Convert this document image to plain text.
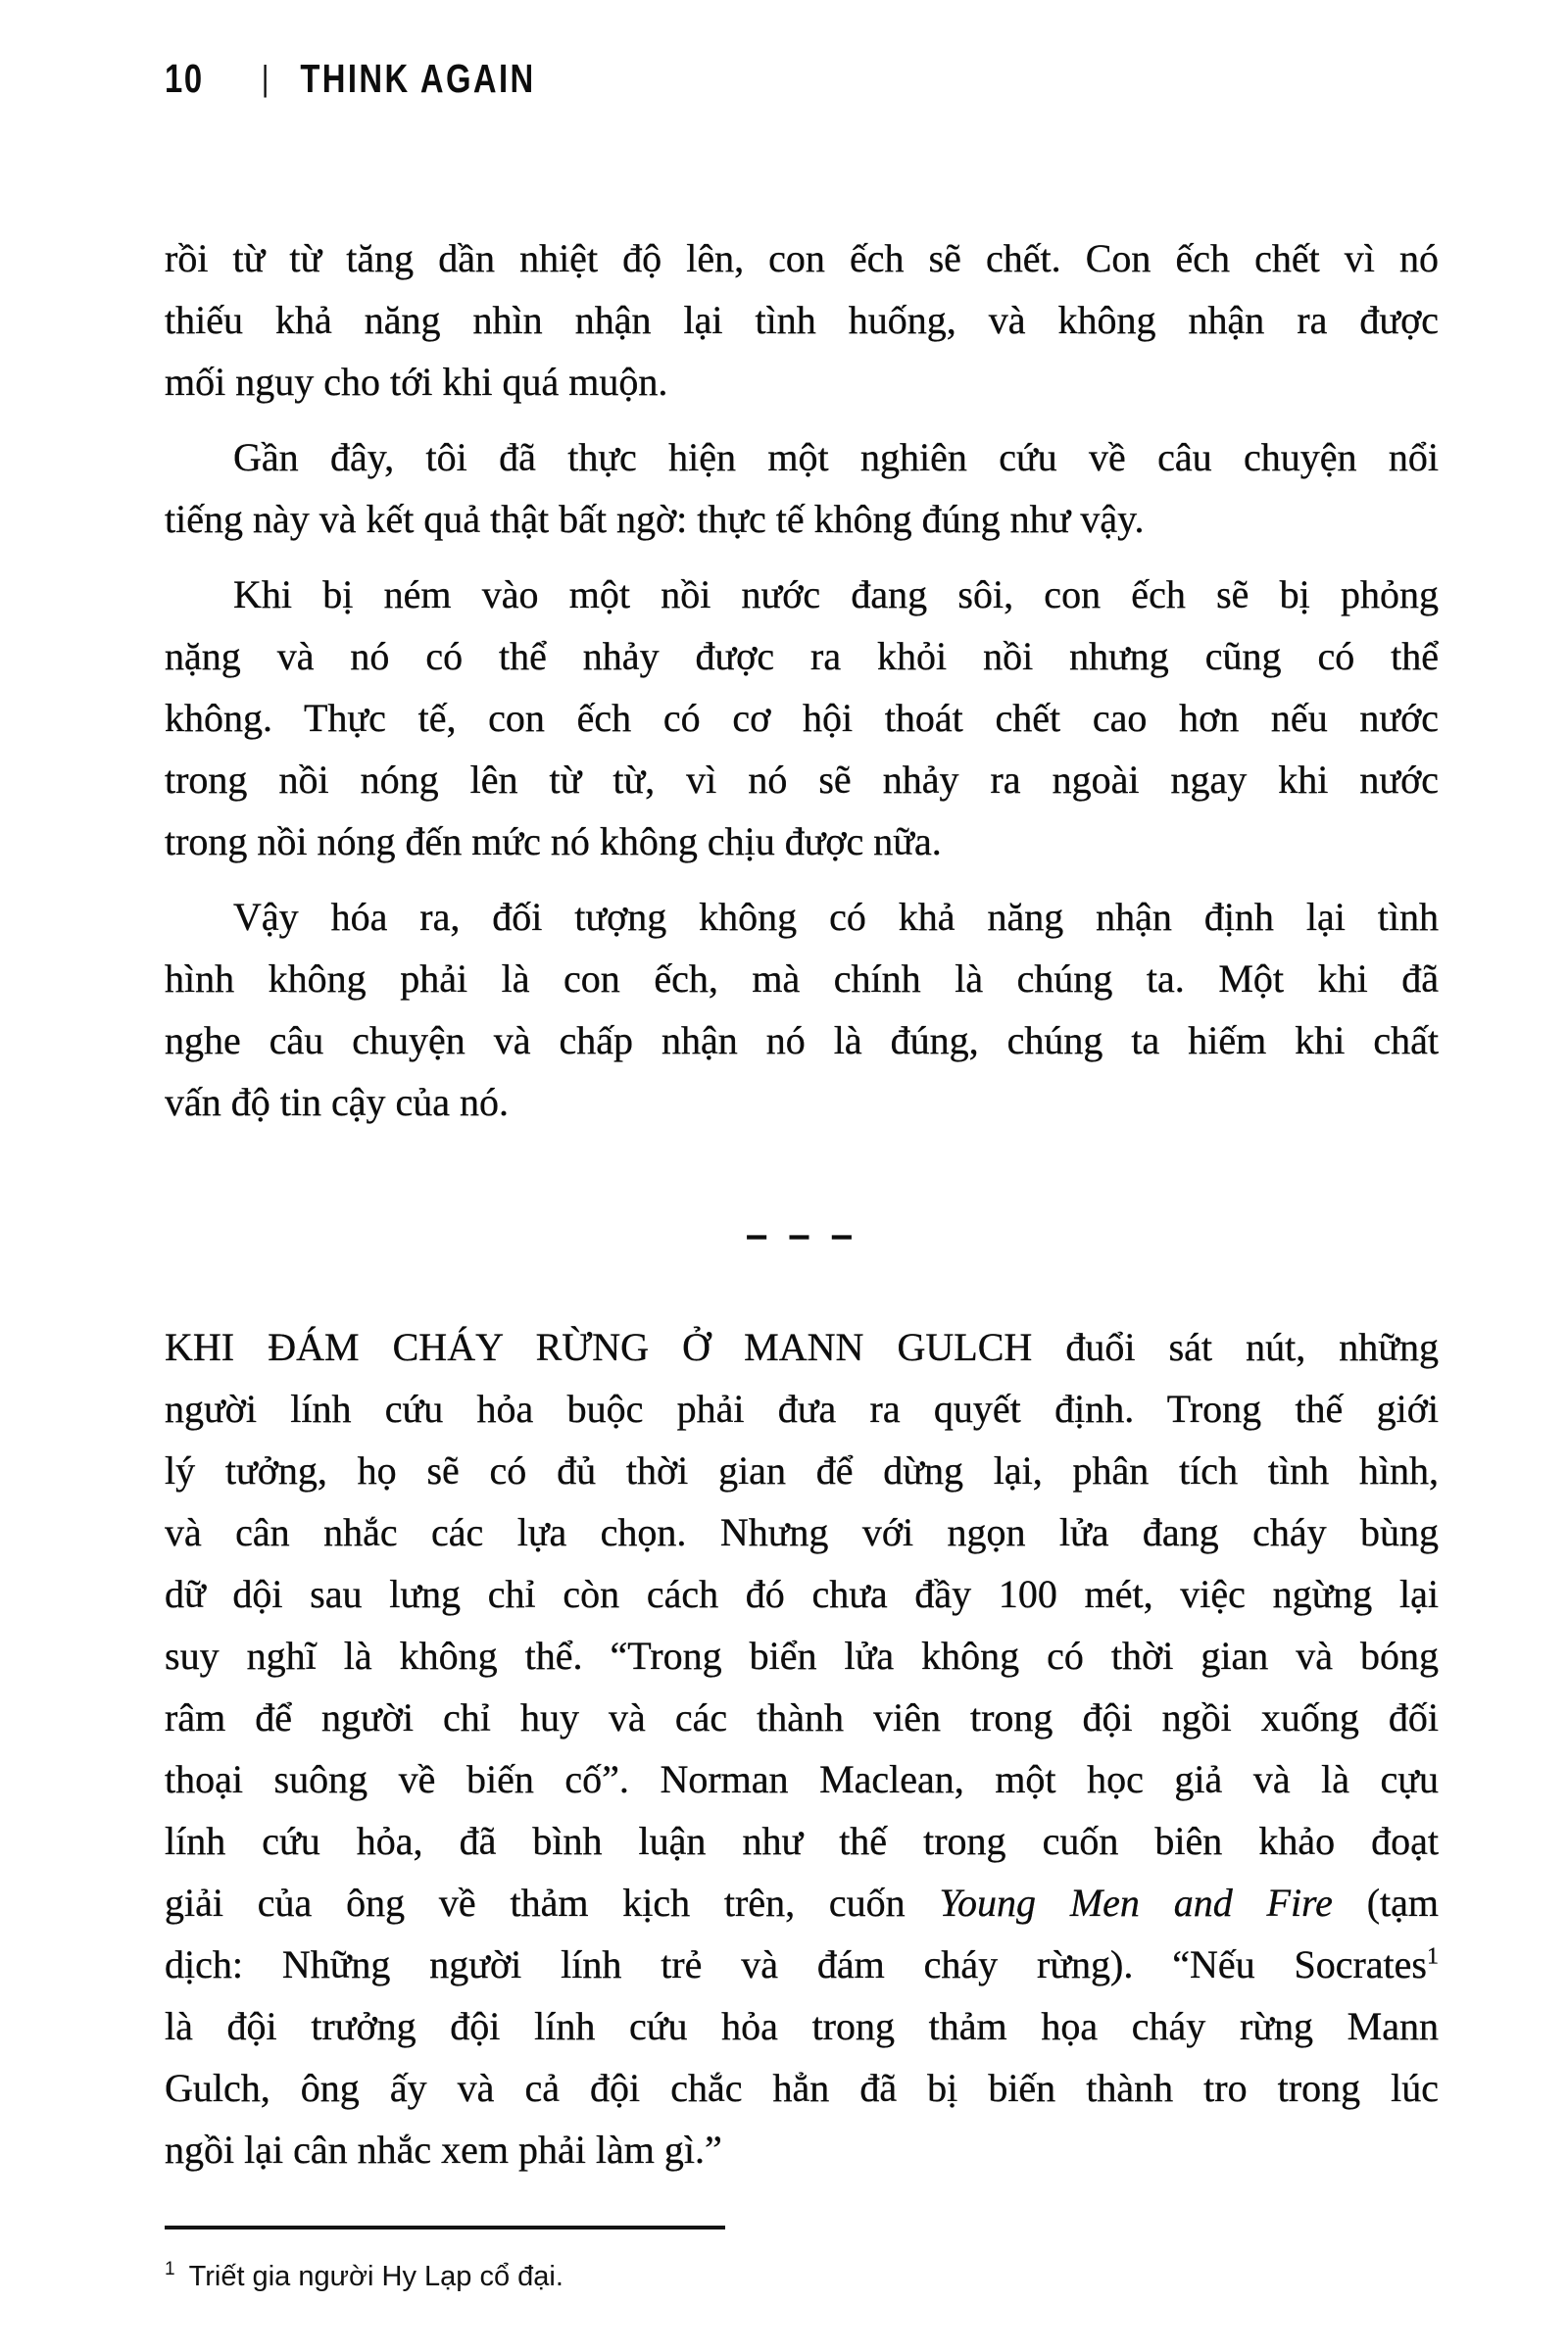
10 | THINK AGAIN
rồi từ từ tăng dần nhiệt độ lên, con ếch sẽ chết. Con ếch chết vì nó
thiếu khả năng nhìn nhận lại tình huống, và không nhận ra được
mối nguy cho tới khi quá muộn.
Gần đây, tôi đã thực hiện một nghiên cứu về câu chuyện nổi
tiếng này và kết quả thật bất ngờ: thực tế không đúng như vậy.
Khi bị ném vào một nồi nước đang sôi, con ếch sẽ bị phỏng
nặng và nó có thể nhảy được ra khỏi nồi nhưng cũng có thể
không. Thực tế, con ếch có cơ hội thoát chết cao hơn nếu nước
trong nồi nóng lên từ từ, vì nó sẽ nhảy ra ngoài ngay khi nước
trong nồi nóng đến mức nó không chịu được nữa.
Vậy hóa ra, đối tượng không có khả năng nhận định lại tình
hình không phải là con ếch, mà chính là chúng ta. Một khi đã
nghe câu chuyện và chấp nhận nó là đúng, chúng ta hiếm khi chất
vấn độ tin cậy của nó.
– – –
KHI ĐÁM CHÁY RỪNG Ở MANN GULCH đuổi sát nút, những
người lính cứu hỏa buộc phải đưa ra quyết định. Trong thế giới
lý tưởng, họ sẽ có đủ thời gian để dừng lại, phân tích tình hình,
và cân nhắc các lựa chọn. Nhưng với ngọn lửa đang cháy bùng
dữ dội sau lưng chỉ còn cách đó chưa đầy 100 mét, việc ngừng lại
suy nghĩ là không thể. “Trong biển lửa không có thời gian và bóng
râm để người chỉ huy và các thành viên trong đội ngồi xuống đối
thoại suông về biến cố”. Norman Maclean, một học giả và là cựu
lính cứu hỏa, đã bình luận như thế trong cuốn biên khảo đoạt
giải của ông về thảm kịch trên, cuốn Young Men and Fire (tạm
dịch: Những người lính trẻ và đám cháy rừng). “Nếu Socrates$^1$
là đội trưởng đội lính cứu hỏa trong thảm họa cháy rừng Mann
Gulch, ông ấy và cả đội chắc hẳn đã bị biến thành tro trong lúc
ngồi lại cân nhắc xem phải làm gì.”
$^1$ Triết gia người Hy Lạp cổ đại.
